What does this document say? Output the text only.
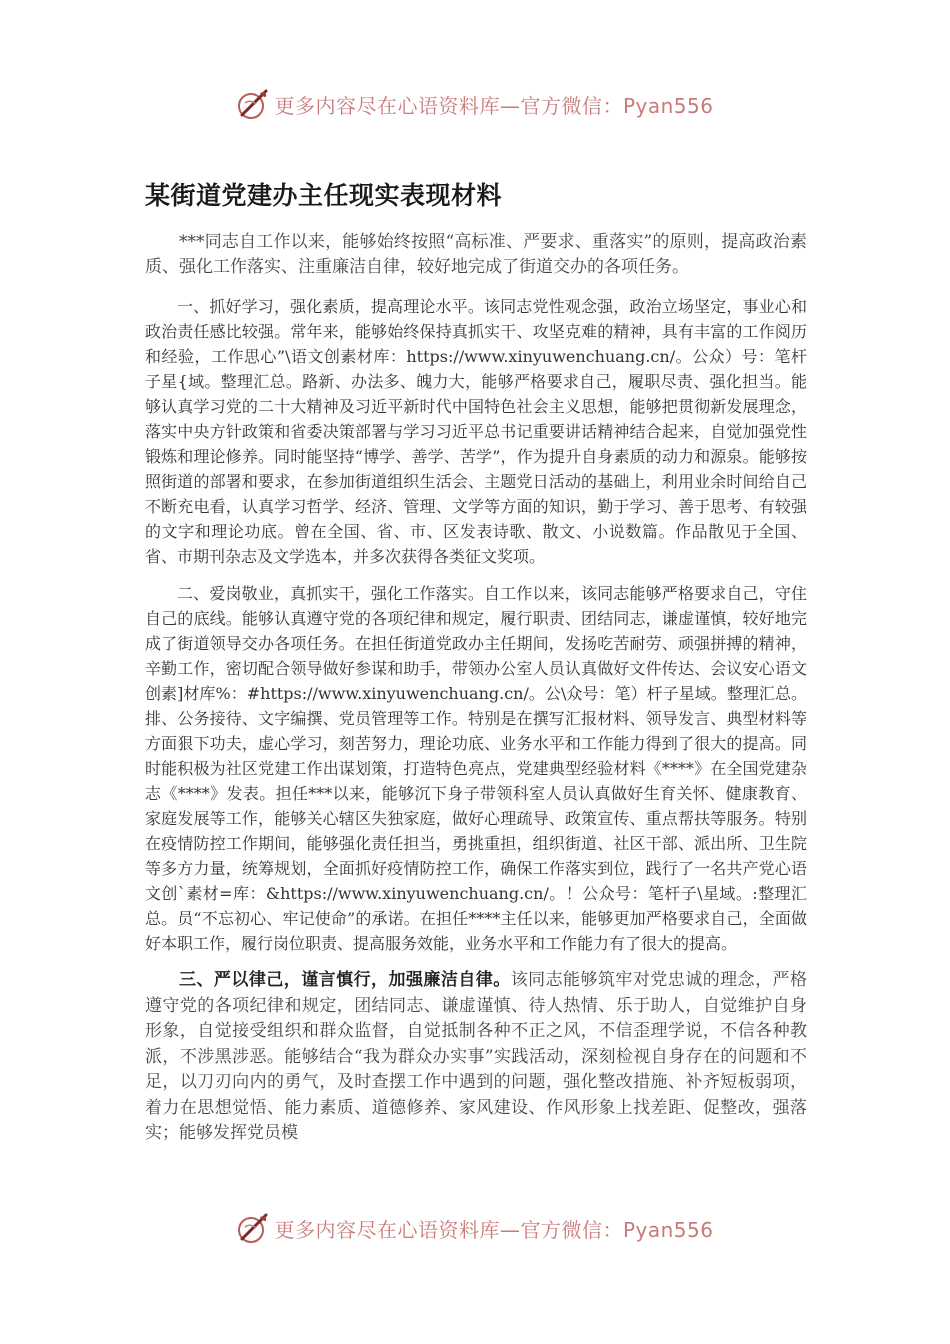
更多内容尽在心语资料库—官方微信：Pyan556
某街道党建办主任现实表现材料

***同志自工作以来，能够始终按照“高标准、严要求、重落实”的原则，提高政治素质、强化工作落实、注重廉洁自律，较好地完成了街道交办的各项任务。

一、抓好学习，强化素质，提高理论水平。该同志党性观念强，政治立场坚定，事业心和政治责任感比较强。常年来，能够始终保持真抓实干、攻坚克难的精神，具有丰富的工作阅历和经验，工作思心”\语文创素材库：https://www.xinyuwenchuang.cn/。公众）号：笔杆子星{域。整理汇总。路新、办法多、魄力大，能够严格要求自己，履职尽责、强化担当。能够认真学习党的二十大精神及习近平新时代中国特色社会主义思想，能够把贯彻新发展理念，落实中央方针政策和省委决策部署与学习习近平总书记重要讲话精神结合起来，自觉加强党性锻炼和理论修养。同时能坚持“博学、善学、苦学”，作为提升自身素质的动力和源泉。能够按照街道的部署和要求，在参加街道组织生活会、主题党日活动的基础上，利用业余时间给自己不断充电看，认真学习哲学、经济、管理、文学等方面的知识，勤于学习、善于思考、有较强的文字和理论功底。曾在全国、省、市、区发表诗歌、散文、小说数篇。作品散见于全国、省、市期刊杂志及文学选本，并多次获得各类征文奖项。

二、爱岗敬业，真抓实干，强化工作落实。自工作以来，该同志能够严格要求自己，守住自己的底线。能够认真遵守党的各项纪律和规定，履行职责、团结同志，谦虚谨慎，较好地完成了街道领导交办各项任务。在担任街道党政办主任期间，发扬吃苦耐劳、顽强拼搏的精神，辛勤工作，密切配合领导做好参谋和助手，带领办公室人员认真做好文件传达、会议安心语文创素]材库%：#https://www.xinyuwenchuang.cn/。公\众号：笔）杆子星域。整理汇总。排、公务接待、文字编撰、党员管理等工作。特别是在撰写汇报材料、领导发言、典型材料等方面狠下功夫，虚心学习，刻苦努力，理论功底、业务水平和工作能力得到了很大的提高。同时能积极为社区党建工作出谋划策，打造特色亮点，党建典型经验材料《****》在全国党建杂志《****》发表。担任***以来，能够沉下身子带领科室人员认真做好生育关怀、健康教育、家庭发展等工作，能够关心辖区失独家庭，做好心理疏导、政策宣传、重点帮扶等服务。特别在疫情防控工作期间，能够强化责任担当，勇挑重担，组织街道、社区干部、派出所、卫生院等多方力量，统筹规划，全面抓好疫情防控工作，确保工作落实到位，践行了一名共产党心语文创`素材=库：&https://www.xinyuwenchuang.cn/。！公众号：笔杆子\星域。:整理汇总。员“不忘初心、牢记使命”的承诺。在担任****主任以来，能够更加严格要求自己，全面做好本职工作，履行岗位职责、提高服务效能，业务水平和工作能力有了很大的提高。

三、严以律己，谨言慎行，加强廉洁自律。该同志能够筑牢对党忠诚的理念，严格遵守党的各项纪律和规定，团结同志、谦虚谨慎、待人热情、乐于助人，自觉维护自身形象，自觉接受组织和群众监督，自觉抵制各种不正之风，不信歪理学说，不信各种教派，不涉黑涉恶。能够结合“我为群众办实事”实践活动，深刻检视自身存在的问题和不足，以刀刃向内的勇气，及时查摆工作中遇到的问题，强化整改措施、补齐短板弱项，着力在思想觉悟、能力素质、道德修养、家风建设、作风形象上找差距、促整改，强落实；能够发挥党员模

更多内容尽在心语资料库—官方微信：Pyan556
